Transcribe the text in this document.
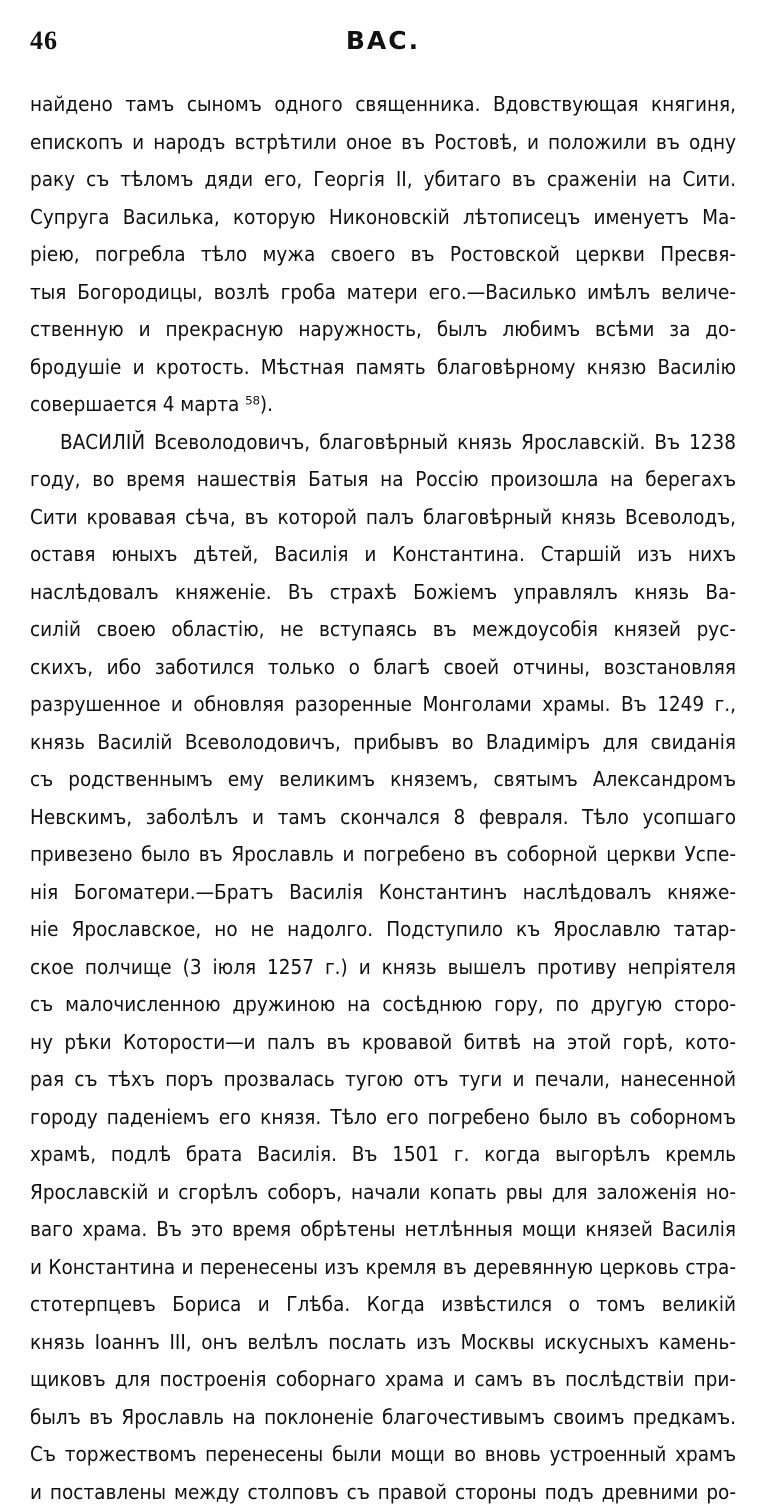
46	ВАС.
найдено тамъ сыномъ одного священника. Вдовствующая княгиня,
епископъ и народъ встрѣтили оное въ Ростовѣ, и положили въ одну
раку съ тѣломъ дяди его, Георгія II, убитаго въ сраженіи на Сити.
Супруга Василька, которую Никоновскій лѣтописецъ именуетъ Ма-
ріею, погребла тѣло мужа своего въ Ростовской церкви Пресвя-
тыя Богородицы, возлѣ гроба матери его.—Василько имѣлъ величе-
ственную и прекрасную наружность, былъ любимъ всѣми за до-
бродушіе и кротость. Мѣстная память благовѣрному князю Василію
совершается 4 марта ⁵⁸).
ВАСИЛІЙ Всеволодовичъ, благовѣрный князь Ярославскій. Въ 1238
году, во время нашествія Батыя на Россію произошла на берегахъ
Сити кровавая сѣча, въ которой палъ благовѣрный князь Всеволодъ,
оставя юныхъ дѣтей, Василія и Константина. Старшій изъ нихъ
наслѣдовалъ княженіе. Въ страхѣ Божіемъ управлялъ князь Ва-
силій своею областію, не вступаясь въ междоусобія князей рус-
скихъ, ибо заботился только о благѣ своей отчины, возстановляя
разрушенное и обновляя разоренные Монголами храмы. Въ 1249 г.,
князь Василій Всеволодовичъ, прибывъ во Владиміръ для свиданія
съ родственнымъ ему великимъ княземъ, святымъ Александромъ
Невскимъ, заболѣлъ и тамъ скончался 8 февраля. Тѣло усопшаго
привезено было въ Ярославль и погребено въ соборной церкви Успе-
нія Богоматери.—Братъ Василія Константинъ наслѣдовалъ княже-
ніе Ярославское, но не надолго. Подступило къ Ярославлю татар-
ское полчище (3 іюля 1257 г.) и князь вышелъ противу непріятеля
съ малочисленною дружиною на сосѣднюю гору, по другую сторо-
ну рѣки Которости—и палъ въ кровавой битвѣ на этой горѣ, кото-
рая съ тѣхъ поръ прозвалась тугою отъ туги и печали, нанесенной
городу паденіемъ его князя. Тѣло его погребено было въ соборномъ
храмѣ, подлѣ брата Василія. Въ 1501 г. когда выгорѣлъ кремль
Ярославскій и сгорѣлъ соборъ, начали копать рвы для заложенія но-
ваго храма. Въ это время обрѣтены нетлѣнныя мощи князей Василія
и Константина и перенесены изъ кремля въ деревянную церковь стра-
стотерпцевъ Бориса и Глѣба. Когда извѣстился о томъ великій
князь Іоаннъ III, онъ велѣлъ послать изъ Москвы искусныхъ камень-
щиковъ для построенія соборнаго храма и самъ въ послѣдствіи при-
былъ въ Ярославль на поклоненіе благочестивымъ своимъ предкамъ.
Съ торжествомъ перенесены были мощи во вновь устроенный храмъ
и поставлены между столповъ съ правой стороны подъ древними ро-
